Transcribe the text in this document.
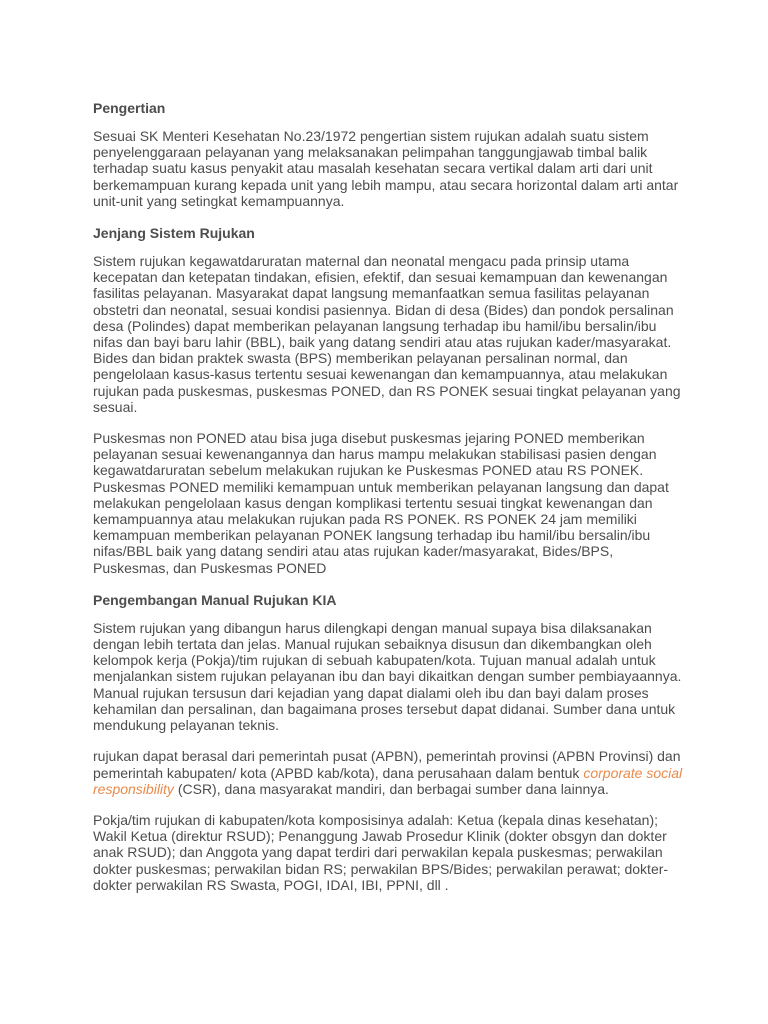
Pengertian

Sesuai SK Menteri Kesehatan No.23/1972 pengertian sistem rujukan adalah suatu sistem penyelenggaraan pelayanan yang melaksanakan pelimpahan tanggungjawab timbal balik terhadap suatu kasus penyakit atau masalah kesehatan secara vertikal dalam arti dari unit berkemampuan kurang kepada unit yang lebih mampu, atau secara horizontal dalam arti antar unit-unit yang setingkat kemampuannya.

Jenjang Sistem Rujukan

Sistem rujukan kegawatdaruratan maternal dan neonatal mengacu pada prinsip utama kecepatan dan ketepatan tindakan, efisien, efektif, dan sesuai kemampuan dan kewenangan fasilitas pelayanan. Masyarakat dapat langsung memanfaatkan semua fasilitas pelayanan obstetri dan neonatal, sesuai kondisi pasiennya. Bidan di desa (Bides) dan pondok persalinan desa (Polindes) dapat memberikan pelayanan langsung terhadap ibu hamil/ibu bersalin/ibu nifas dan bayi baru lahir (BBL), baik yang datang sendiri atau atas rujukan kader/masyarakat. Bides dan bidan praktek swasta (BPS) memberikan pelayanan persalinan normal, dan pengelolaan kasus-kasus tertentu sesuai kewenangan dan kemampuannya, atau melakukan rujukan pada puskesmas, puskesmas PONED, dan RS PONEK sesuai tingkat pelayanan yang sesuai.

Puskesmas non PONED atau bisa juga disebut puskesmas jejaring PONED memberikan pelayanan sesuai kewenangannya dan harus mampu melakukan stabilisasi pasien dengan kegawatdaruratan sebelum melakukan rujukan ke Puskesmas PONED atau RS PONEK. Puskesmas PONED memiliki kemampuan untuk memberikan pelayanan langsung dan dapat melakukan pengelolaan kasus dengan komplikasi tertentu sesuai tingkat kewenangan dan kemampuannya atau melakukan rujukan pada RS PONEK. RS PONEK 24 jam memiliki kemampuan memberikan pelayanan PONEK langsung terhadap ibu hamil/ibu bersalin/ibu nifas/BBL baik yang datang sendiri atau atas rujukan kader/masyarakat, Bides/BPS, Puskesmas, dan Puskesmas PONED

Pengembangan Manual Rujukan KIA

Sistem rujukan yang dibangun harus dilengkapi dengan manual supaya bisa dilaksanakan dengan lebih tertata dan jelas. Manual rujukan sebaiknya disusun dan dikembangkan oleh kelompok kerja (Pokja)/tim rujukan di sebuah kabupaten/kota. Tujuan manual adalah untuk menjalankan sistem rujukan pelayanan ibu dan bayi dikaitkan dengan sumber pembiayaannya. Manual rujukan tersusun dari kejadian yang dapat dialami oleh ibu dan bayi dalam proses kehamilan dan persalinan, dan bagaimana proses tersebut dapat didanai. Sumber dana untuk mendukung pelayanan teknis.

rujukan dapat berasal dari pemerintah pusat (APBN), pemerintah provinsi (APBN Provinsi) dan pemerintah kabupaten/ kota (APBD kab/kota), dana perusahaan dalam bentuk corporate social responsibility (CSR), dana masyarakat mandiri, dan berbagai sumber dana lainnya.

Pokja/tim rujukan di kabupaten/kota komposisinya adalah: Ketua (kepala dinas kesehatan); Wakil Ketua (direktur RSUD); Penanggung Jawab Prosedur Klinik (dokter obsgyn dan dokter anak RSUD); dan Anggota yang dapat terdiri dari perwakilan kepala puskesmas; perwakilan dokter puskesmas; perwakilan bidan RS; perwakilan BPS/Bides; perwakilan perawat; dokter-dokter perwakilan RS Swasta, POGI, IDAI, IBI, PPNI, dll .
